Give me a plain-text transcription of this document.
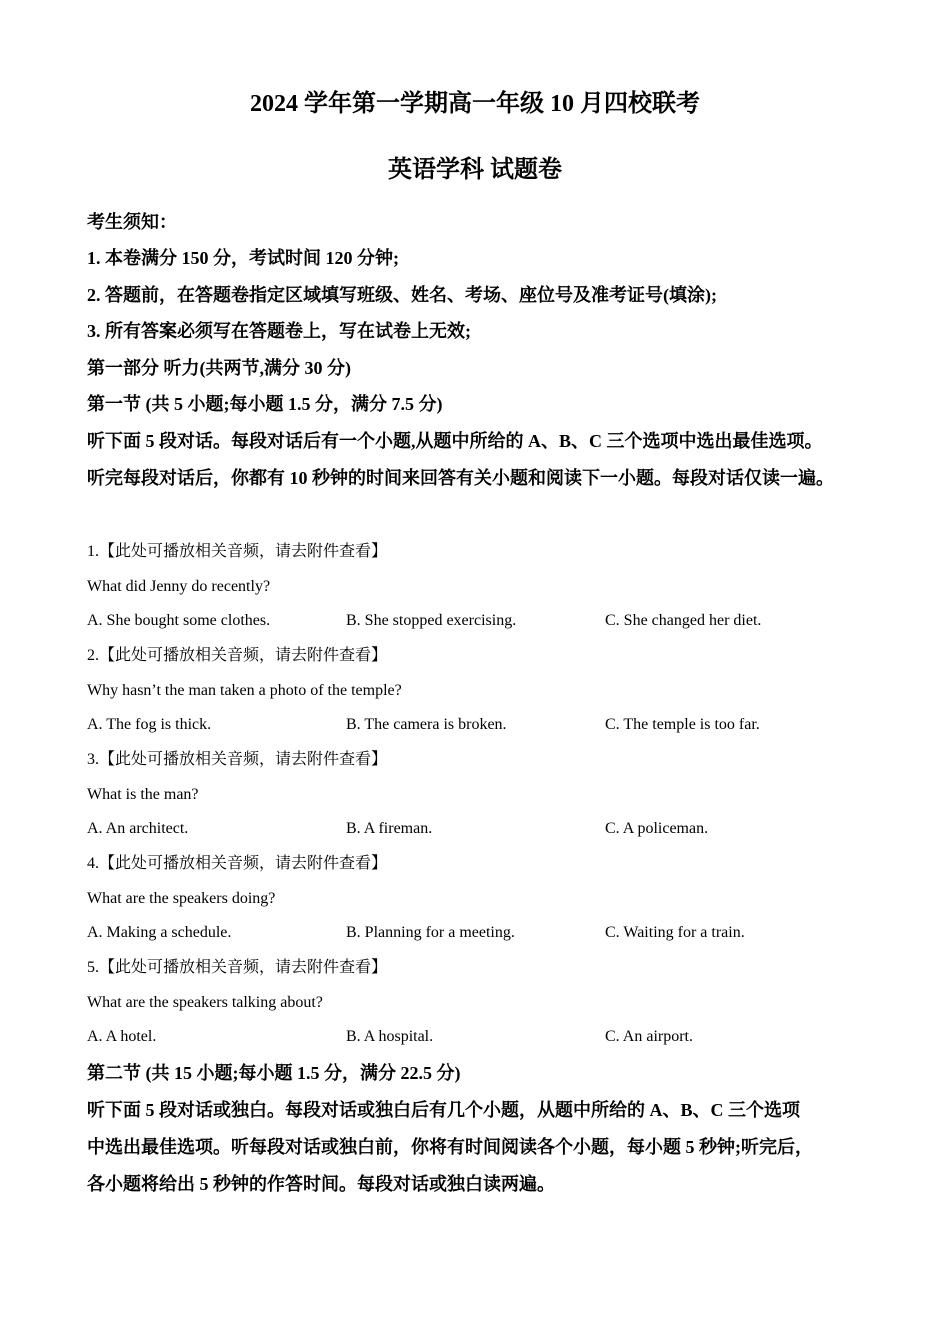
2024 学年第一学期高一年级 10 月四校联考
英语学科 试题卷
考生须知：
1. 本卷满分 150 分，考试时间 120 分钟;
2. 答题前，在答题卷指定区域填写班级、姓名、考场、座位号及准考证号(填涂);
3. 所有答案必须写在答题卷上，写在试卷上无效;
第一部分 听力(共两节,满分 30 分)
第一节 (共 5 小题;每小题 1.5 分，满分 7.5 分)
听下面 5 段对话。每段对话后有一个小题,从题中所给的 A、B、C 三个选项中选出最佳选项。
听完每段对话后，你都有 10 秒钟的时间来回答有关小题和阅读下一小题。每段对话仅读一遍。
1.【此处可播放相关音频，请去附件查看】
What did Jenny do recently?
A. She bought some clothes.	B. She stopped exercising.	C. She changed her diet.
2.【此处可播放相关音频，请去附件查看】
Why hasn’t the man taken a photo of the temple?
A. The fog is thick.	B. The camera is broken.	C. The temple is too far.
3.【此处可播放相关音频，请去附件查看】
What is the man?
A. An architect.	B. A fireman.	C. A policeman.
4.【此处可播放相关音频，请去附件查看】
What are the speakers doing?
A. Making a schedule.	B. Planning for a meeting.	C. Waiting for a train.
5.【此处可播放相关音频，请去附件查看】
What are the speakers talking about?
A. A hotel.	B. A hospital.	C. An airport.
第二节 (共 15 小题;每小题 1.5 分，满分 22.5 分)
听下面 5 段对话或独白。每段对话或独白后有几个小题，从题中所给的 A、B、C 三个选项
中选出最佳选项。听每段对话或独白前，你将有时间阅读各个小题，每小题 5 秒钟;听完后，
各小题将给出 5 秒钟的作答时间。每段对话或独白读两遍。
